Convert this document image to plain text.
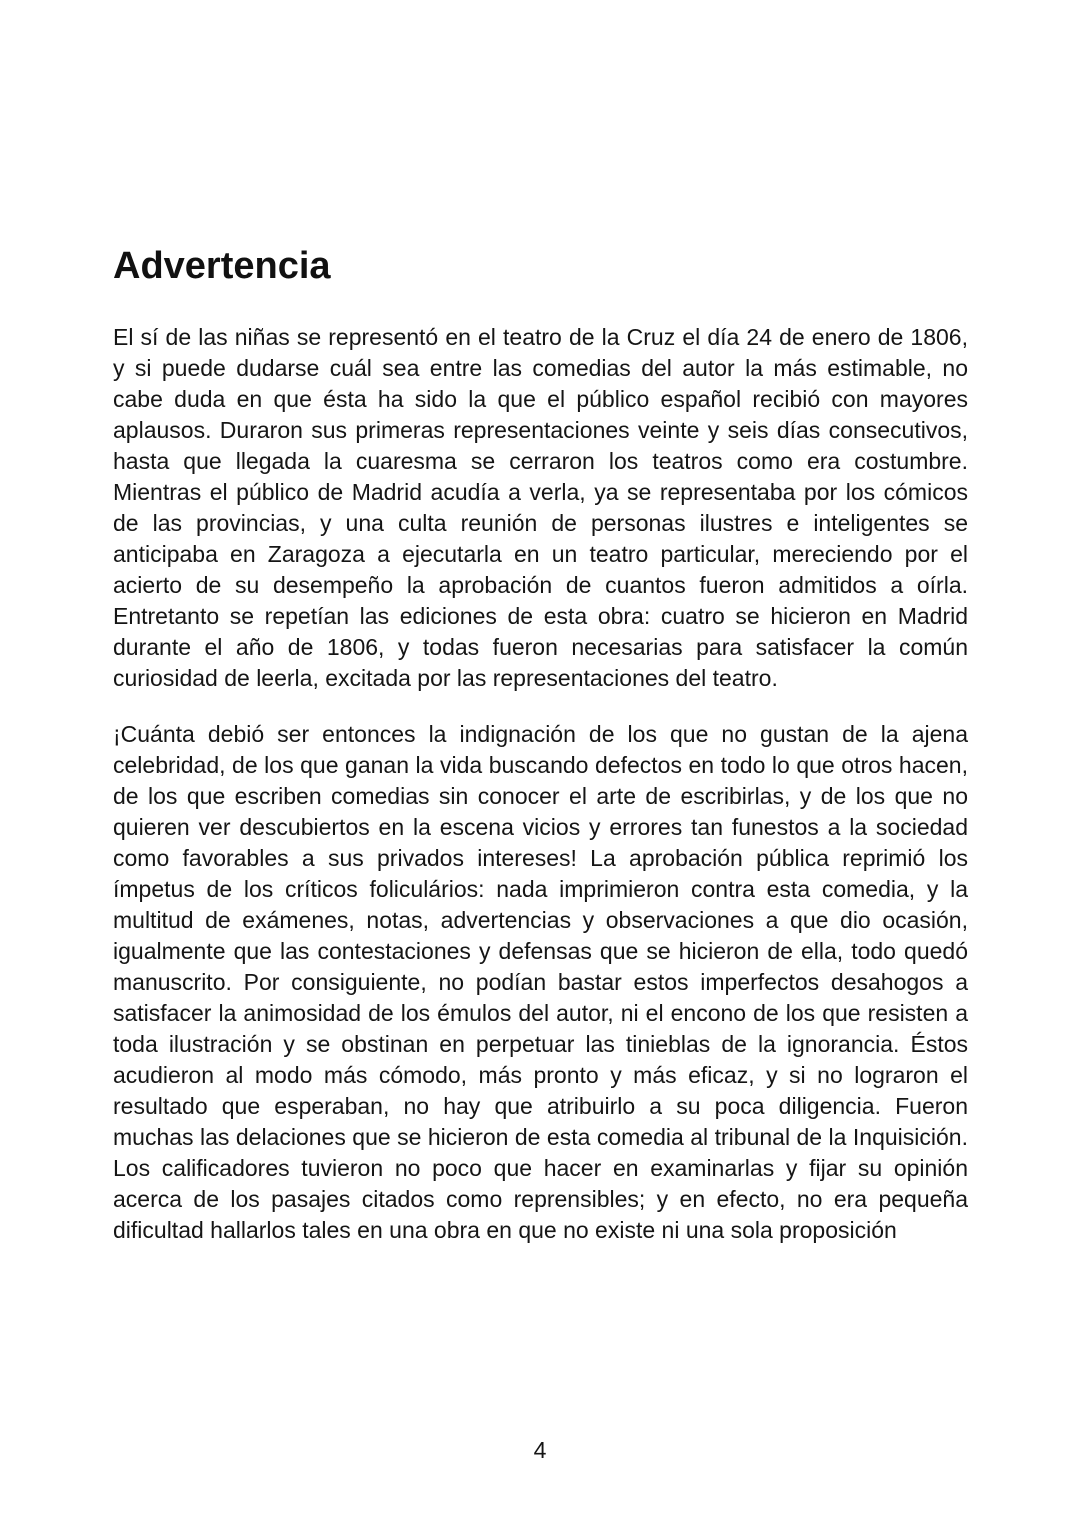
Advertencia

El sí de las niñas se representó en el teatro de la Cruz el día 24 de enero de 1806, y si puede dudarse cuál sea entre las comedias del autor la más estimable, no cabe duda en que ésta ha sido la que el público español recibió con mayores aplausos. Duraron sus primeras representaciones veinte y seis días consecutivos, hasta que llegada la cuaresma se cerraron los teatros como era costumbre. Mientras el público de Madrid acudía a verla, ya se representaba por los cómicos de las provincias, y una culta reunión de personas ilustres e inteligentes se anticipaba en Zaragoza a ejecutarla en un teatro particular, mereciendo por el acierto de su desempeño la aprobación de cuantos fueron admitidos a oírla. Entretanto se repetían las ediciones de esta obra: cuatro se hicieron en Madrid durante el año de 1806, y todas fueron necesarias para satisfacer la común curiosidad de leerla, excitada por las representaciones del teatro.

¡Cuánta debió ser entonces la indignación de los que no gustan de la ajena celebridad, de los que ganan la vida buscando defectos en todo lo que otros hacen, de los que escriben comedias sin conocer el arte de escribirlas, y de los que no quieren ver descubiertos en la escena vicios y errores tan funestos a la sociedad como favorables a sus privados intereses! La aprobación pública reprimió los ímpetus de los críticos foliculários: nada imprimieron contra esta comedia, y la multitud de exámenes, notas, advertencias y observaciones a que dio ocasión, igualmente que las contestaciones y defensas que se hicieron de ella, todo quedó manuscrito. Por consiguiente, no podían bastar estos imperfectos desahogos a satisfacer la animosidad de los émulos del autor, ni el encono de los que resisten a toda ilustración y se obstinan en perpetuar las tinieblas de la ignorancia. Éstos acudieron al modo más cómodo, más pronto y más eficaz, y si no lograron el resultado que esperaban, no hay que atribuirlo a su poca diligencia. Fueron muchas las delaciones que se hicieron de esta comedia al tribunal de la Inquisición. Los calificadores tuvieron no poco que hacer en examinarlas y fijar su opinión acerca de los pasajes citados como reprensibles; y en efecto, no era pequeña dificultad hallarlos tales en una obra en que no existe ni una sola proposición

4
